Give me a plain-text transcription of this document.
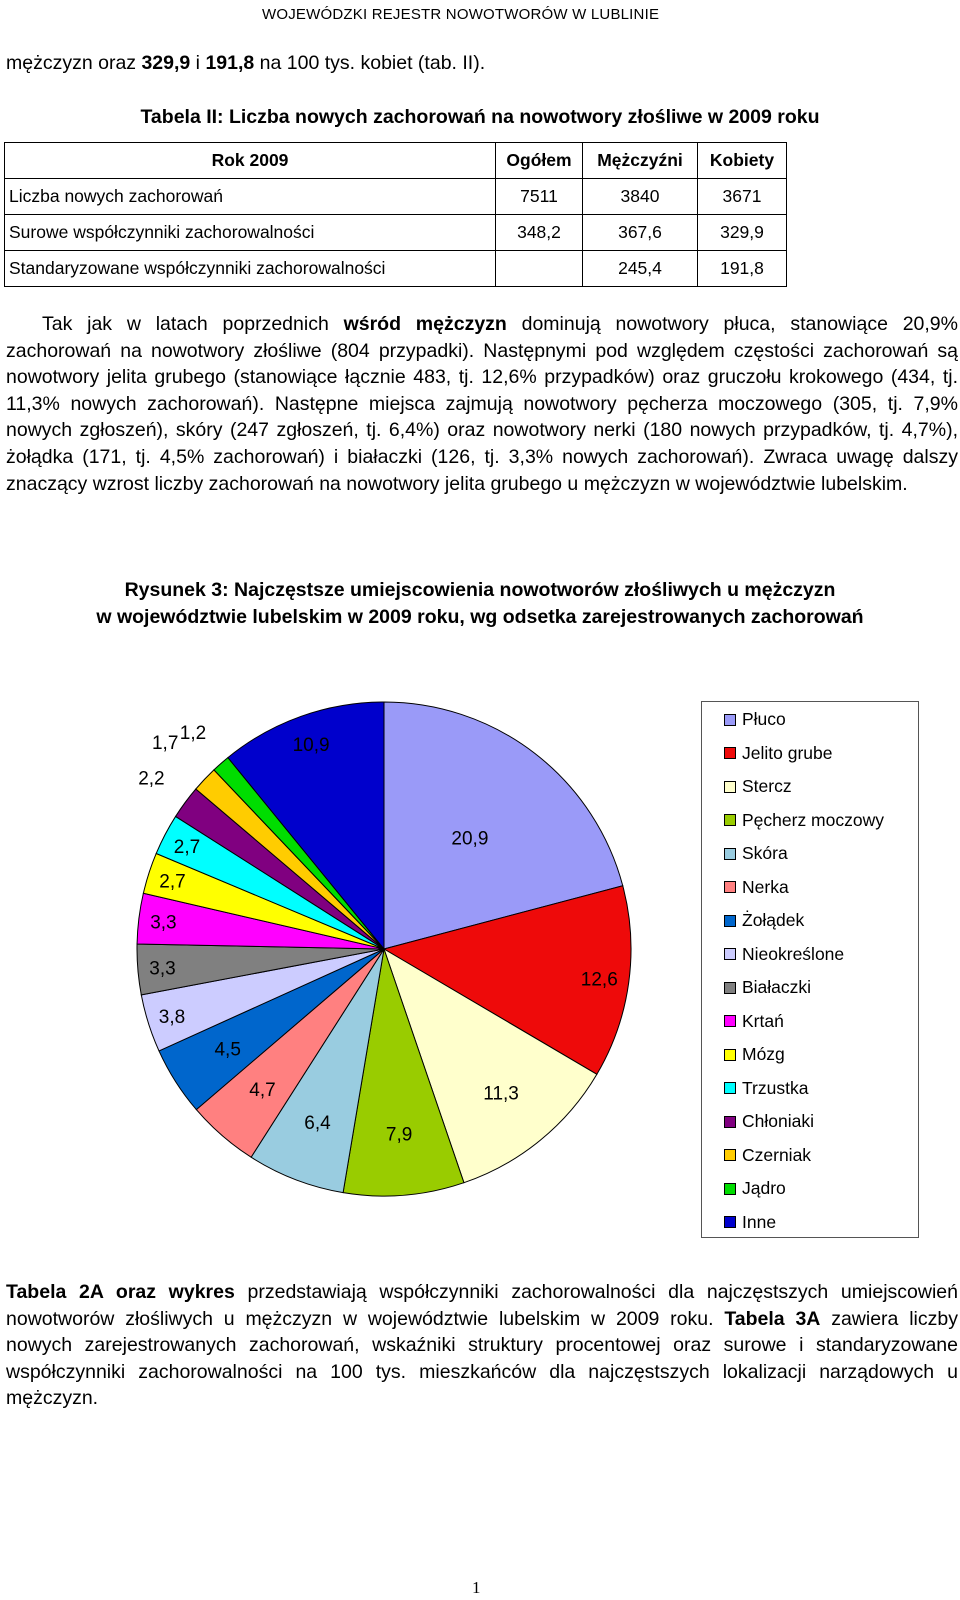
WOJEWÓDZKI REJESTR NOWOTWORÓW W LUBLINIE
mężczyzn oraz 329,9 i 191,8 na 100 tys. kobiet (tab. II).
Tabela II: Liczba nowych zachorowań na nowotwory złośliwe w 2009 roku
Rok 2009	Ogółem	Mężczyźni	Kobiety
Liczba nowych zachorowań	7511	3840	3671
Surowe współczynniki zachorowalności	348,2	367,6	329,9
Standaryzowane współczynniki zachorowalności		245,4	191,8

Tak jak w latach poprzednich wśród mężczyzn dominują nowotwory płuca, stanowiące 20,9% zachorowań na nowotwory złośliwe (804 przypadki). Następnymi pod względem częstości zachorowań są nowotwory jelita grubego (stanowiące łącznie 483, tj. 12,6% przypadków) oraz gruczołu krokowego (434, tj. 11,3% nowych zachorowań). Następne miejsca zajmują nowotwory pęcherza moczowego (305, tj. 7,9% nowych zgłoszeń), skóry (247 zgłoszeń, tj. 6,4%) oraz nowotwory nerki (180 nowych przypadków, tj. 4,7%), żołądka (171, tj. 4,5% zachorowań) i białaczki (126, tj. 3,3% nowych zachorowań). Zwraca uwagę dalszy znaczący wzrost liczby zachorowań na nowotwory jelita grubego u mężczyzn w województwie lubelskim.

Rysunek 3: Najczęstsze umiejscowienia nowotworów złośliwych u mężczyzn
w województwie lubelskim w 2009 roku, wg odsetka zarejestrowanych zachorowań
20,9
12,6
11,3
7,9
6,4
4,7
4,5
3,8
3,3
3,3
2,7
2,7
2,2
1,7 1,2
10,9
Płuco
Jelito grube
Stercz
Pęcherz moczowy
Skóra
Nerka
Żołądek
Nieokreślone
Białaczki
Krtań
Mózg
Trzustka
Chłoniaki
Czerniak
Jądro
Inne

Tabela 2A oraz wykres przedstawiają współczynniki zachorowalności dla najczęstszych umiejscowień nowotworów złośliwych u mężczyzn w województwie lubelskim w 2009 roku. Tabela 3A zawiera liczby nowych zarejestrowanych zachorowań, wskaźniki struktury procentowej oraz surowe i standaryzowane współczynniki zachorowalności na 100 tys. mieszkańców dla najczęstszych lokalizacji narządowych u mężczyzn.

1
